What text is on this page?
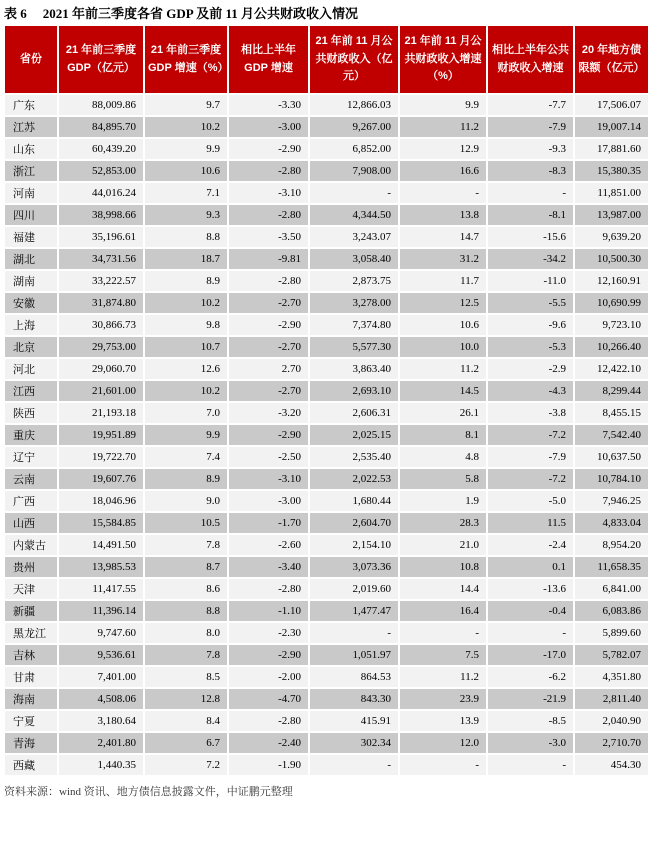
表 6 2021 年前三季度各省 GDP 及前 11 月公共财政收入情况
省份	21 年前三季度 GDP（亿元）	21 年前三季度 GDP 增速（%）	相比上半年 GDP 增速	21 年前 11 月公共财政收入（亿元）	21 年前 11 月公共财政收入增速（%）	相比上半年公共财政收入增速	20 年地方债限额（亿元）
广东	88,009.86	9.7	-3.30	12,866.03	9.9	-7.7	17,506.07
江苏	84,895.70	10.2	-3.00	9,267.00	11.2	-7.9	19,007.14
山东	60,439.20	9.9	-2.90	6,852.00	12.9	-9.3	17,881.60
浙江	52,853.00	10.6	-2.80	7,908.00	16.6	-8.3	15,380.35
河南	44,016.24	7.1	-3.10	-	-	-	11,851.00
四川	38,998.66	9.3	-2.80	4,344.50	13.8	-8.1	13,987.00
福建	35,196.61	8.8	-3.50	3,243.07	14.7	-15.6	9,639.20
湖北	34,731.56	18.7	-9.81	3,058.40	31.2	-34.2	10,500.30
湖南	33,222.57	8.9	-2.80	2,873.75	11.7	-11.0	12,160.91
安徽	31,874.80	10.2	-2.70	3,278.00	12.5	-5.5	10,690.99
上海	30,866.73	9.8	-2.90	7,374.80	10.6	-9.6	9,723.10
北京	29,753.00	10.7	-2.70	5,577.30	10.0	-5.3	10,266.40
河北	29,060.70	12.6	2.70	3,863.40	11.2	-2.9	12,422.10
江西	21,601.00	10.2	-2.70	2,693.10	14.5	-4.3	8,299.44
陕西	21,193.18	7.0	-3.20	2,606.31	26.1	-3.8	8,455.15
重庆	19,951.89	9.9	-2.90	2,025.15	8.1	-7.2	7,542.40
辽宁	19,722.70	7.4	-2.50	2,535.40	4.8	-7.9	10,637.50
云南	19,607.76	8.9	-3.10	2,022.53	5.8	-7.2	10,784.10
广西	18,046.96	9.0	-3.00	1,680.44	1.9	-5.0	7,946.25
山西	15,584.85	10.5	-1.70	2,604.70	28.3	11.5	4,833.04
内蒙古	14,491.50	7.8	-2.60	2,154.10	21.0	-2.4	8,954.20
贵州	13,985.53	8.7	-3.40	3,073.36	10.8	0.1	11,658.35
天津	11,417.55	8.6	-2.80	2,019.60	14.4	-13.6	6,841.00
新疆	11,396.14	8.8	-1.10	1,477.47	16.4	-0.4	6,083.86
黑龙江	9,747.60	8.0	-2.30	-	-	-	5,899.60
吉林	9,536.61	7.8	-2.90	1,051.97	7.5	-17.0	5,782.07
甘肃	7,401.00	8.5	-2.00	864.53	11.2	-6.2	4,351.80
海南	4,508.06	12.8	-4.70	843.30	23.9	-21.9	2,811.40
宁夏	3,180.64	8.4	-2.80	415.91	13.9	-8.5	2,040.90
青海	2,401.80	6.7	-2.40	302.34	12.0	-3.0	2,710.70
西藏	1,440.35	7.2	-1.90	-	-	-	454.30
资料来源：wind 资讯、地方债信息披露文件，中证鹏元整理
